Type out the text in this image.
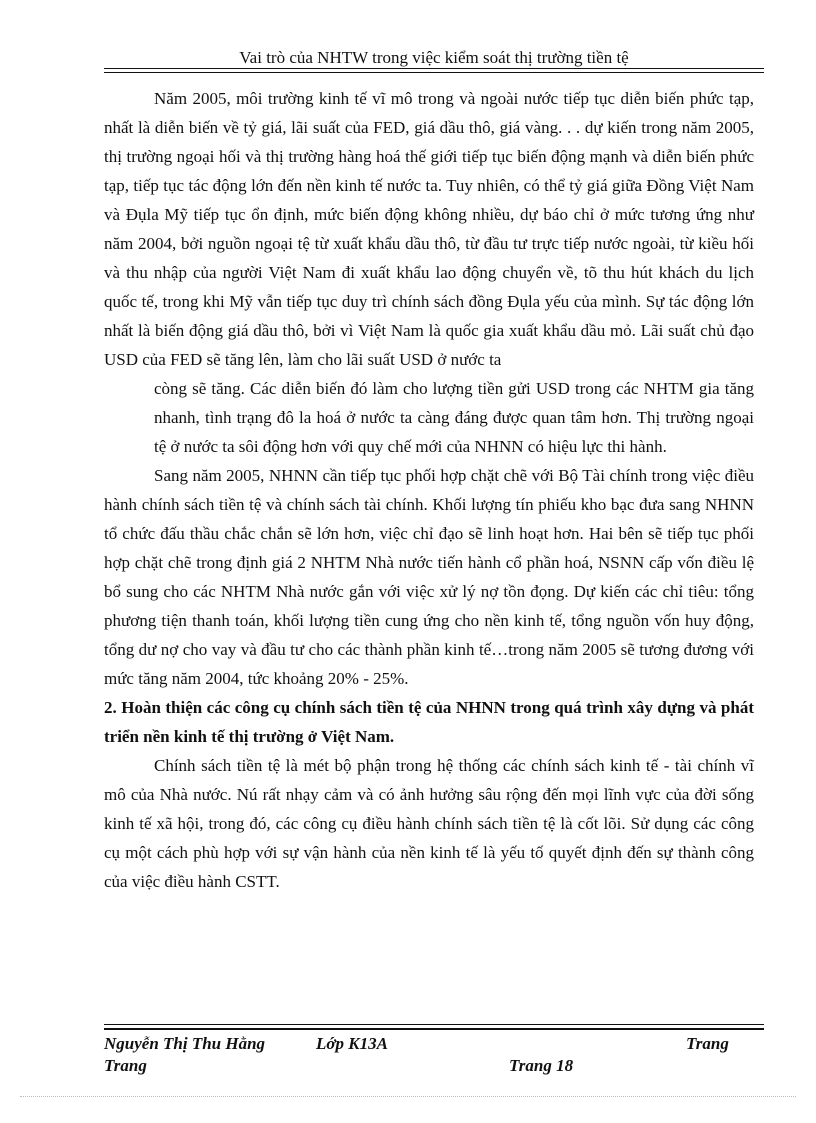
Vai trò của NHTW trong việc kiểm soát thị trường tiền tệ

Năm 2005, môi trường kinh tế vĩ mô trong và ngoài nước tiếp tục diễn biến phức tạp, nhất là diễn biến về tỷ giá, lãi suất của FED, giá dầu thô, giá vàng. . . dự kiến trong năm 2005, thị trường ngoại hối và thị trường hàng hoá thế giới tiếp tục biến động mạnh và diễn biến phức tạp, tiếp tục tác động lớn đến nền kinh tế nước ta. Tuy nhiên, có thể tỷ giá giữa Đồng Việt Nam và Đụla Mỹ tiếp tục ổn định, mức biến động không nhiều, dự báo chỉ ở mức tương ứng như năm 2004, bởi nguồn ngoại tệ từ xuất khẩu dầu thô, từ đầu tư trực tiếp nước ngoài, từ kiều hối và thu nhập của người Việt Nam đi xuất khẩu lao động chuyển về, tõ thu hút khách du lịch quốc tế, trong khi Mỹ vẫn tiếp tục duy trì chính sách đồng Đụla yếu của mình. Sự tác động lớn nhất là biến động giá dầu thô, bởi vì Việt Nam là quốc gia xuất khẩu dầu mỏ. Lãi suất chủ đạo USD của FED sẽ tăng lên, làm cho lãi suất USD ở nước ta

còng sẽ tăng. Các diễn biến đó làm cho lượng tiền gửi USD trong các NHTM gia tăng nhanh, tình trạng đô la hoá ở nước ta càng đáng được quan tâm hơn. Thị trường ngoại tệ ở nước ta sôi động hơn với quy chế mới của NHNN có hiệu lực thi hành.

Sang năm 2005, NHNN cần tiếp tục phối hợp chặt chẽ với Bộ Tài chính trong việc điều hành chính sách tiền tệ và chính sách tài chính. Khối lượng tín phiếu kho bạc đưa sang NHNN tổ chức đấu thầu chắc chắn sẽ lớn hơn, việc chỉ đạo sẽ linh hoạt hơn. Hai bên sẽ tiếp tục phối hợp chặt chẽ trong định giá 2 NHTM Nhà nước tiến hành cổ phần hoá, NSNN cấp vốn điều lệ bổ sung cho các NHTM Nhà nước gắn với việc xử lý nợ tồn đọng. Dự kiến các chỉ tiêu: tổng phương tiện thanh toán, khối lượng tiền cung ứng cho nền kinh tế, tổng nguồn vốn huy động, tổng dư nợ cho vay và đầu tư cho các thành phần kinh tế…trong năm 2005 sẽ tương đương với mức tăng năm 2004, tức khoảng 20% - 25%.

2. Hoàn thiện các công cụ chính sách tiền tệ của NHNN trong quá trình xây dựng và phát triển nền kinh tế thị trường ở Việt Nam.

Chính sách tiền tệ là mét bộ phận trong hệ thống các chính sách kinh tế - tài chính vĩ mô của Nhà nước. Nú rất nhạy cảm và có ảnh hưởng sâu rộng đến mọi lĩnh vực của đời sống kinh tế xã hội, trong đó, các công cụ điều hành chính sách tiền tệ là cốt lõi. Sử dụng các công cụ một cách phù hợp với sự vận hành của nền kinh tế là yếu tố quyết định đến sự thành công của việc điều hành CSTT.

Nguyễn Thị Thu Hằng	Lớp K13A	Trang
Trang	Trang 18
